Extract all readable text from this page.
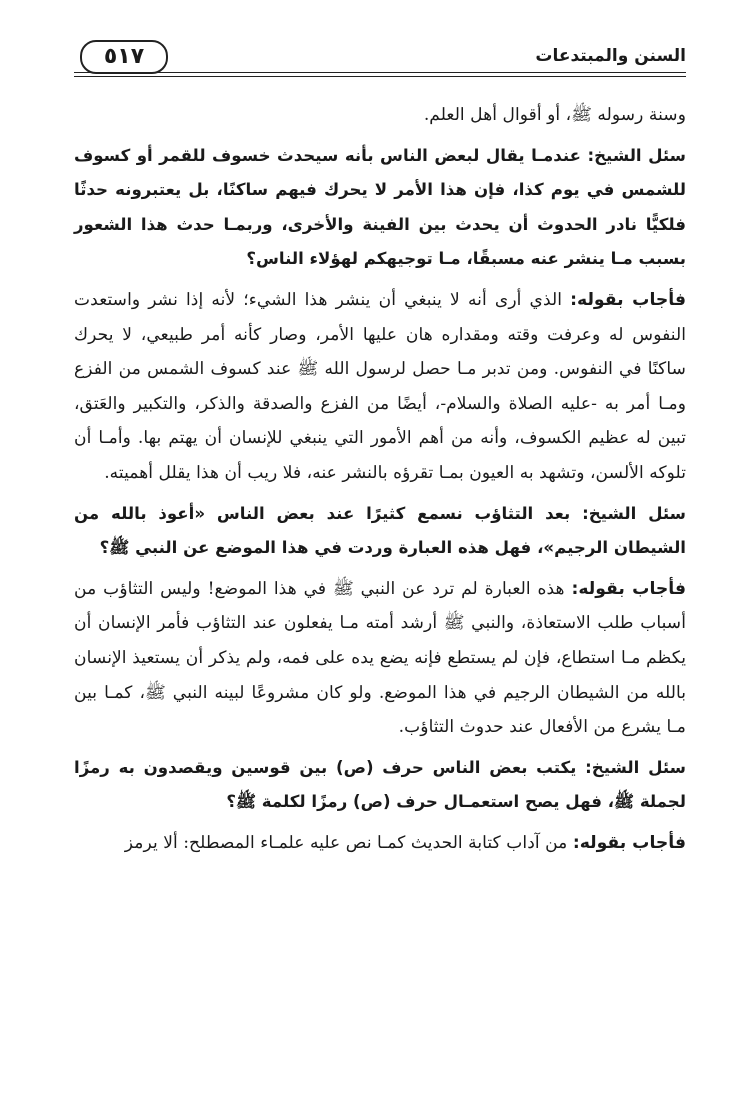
٥١٧	السنن والمبتدعات

وسنة رسوله ﷺ، أو أقوال أهل العلم.

سئل الشيخ: عندمـا يقال لبعض الناس بأنه سيحدث خسوف للقمر أو كسوف للشمس في يوم كذا، فإن هذا الأمر لا يحرك فيهم ساكنًا، بل يعتبرونه حدثًا فلكيًّا نادر الحدوث أن يحدث بين الفينة والأخرى، وربمـا حدث هذا الشعور بسبب مـا ينشر عنه مسبقًا، مـا توجيهكم لهؤلاء الناس؟

فأجاب بقوله: الذي أرى أنه لا ينبغي أن ينشر هذا الشيء؛ لأنه إذا نشر واستعدت النفوس له وعرفت وقته ومقداره هان عليها الأمر، وصار كأنه أمر طبيعي، لا يحرك ساكنًا في النفوس. ومن تدبر مـا حصل لرسول الله ﷺ عند كسوف الشمس من الفزع ومـا أمر به -عليه الصلاة والسلام-، أيضًا من الفزع والصدقة والذكر، والتكبير والعَتق، تبين له عظيم الكسوف، وأنه من أهم الأمور التي ينبغي للإنسان أن يهتم بها. وأمـا أن تلوكه الألسن، وتشهد به العيون بمـا تقرؤه بالنشر عنه، فلا ريب أن هذا يقلل أهميته.

سئل الشيخ: بعد التثاؤب نسمع كثيرًا عند بعض الناس «أعوذ بالله من الشيطان الرجيم»، فهل هذه العبارة وردت في هذا الموضع عن النبي ﷺ؟

فأجاب بقوله: هذه العبارة لم ترد عن النبي ﷺ في هذا الموضع! وليس التثاؤب من أسباب طلب الاستعاذة، والنبي ﷺ أرشد أمته مـا يفعلون عند التثاؤب فأمر الإنسان أن يكظم مـا استطاع، فإن لم يستطع فإنه يضع يده على فمه، ولم يذكر أن يستعيذ الإنسان بالله من الشيطان الرجيم في هذا الموضع. ولو كان مشروعًا لبينه النبي ﷺ، كمـا بين مـا يشرع من الأفعال عند حدوث التثاؤب.

سئل الشيخ: يكتب بعض الناس حرف (ص) بين قوسين ويقصدون به رمزًا لجملة ﷺ، فهل يصح استعمـال حرف (ص) رمزًا لكلمة ﷺ؟

فأجاب بقوله: من آداب كتابة الحديث كمـا نص عليه علمـاء المصطلح: ألا يرمز
